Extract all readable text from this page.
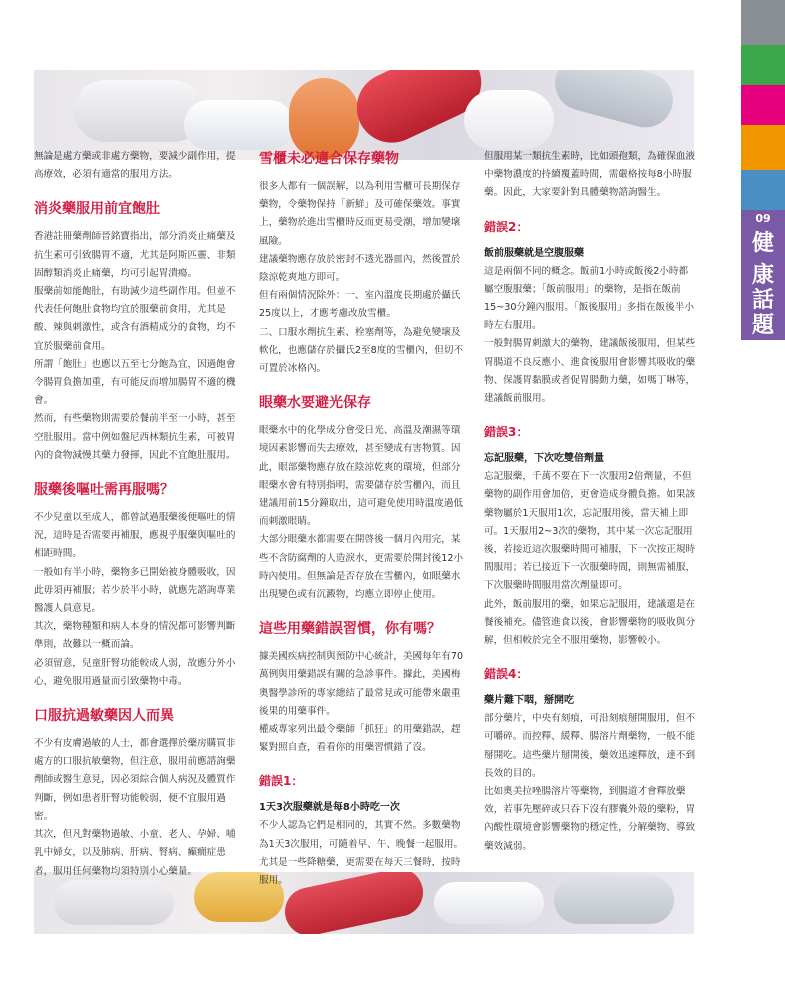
09
健
康
話
題

無論是處方藥或非處方藥物，要減少副作用，提高療效，必須有適當的服用方法。

消炎藥服用前宜飽肚

香港註冊藥劑師晉銘寶指出，部分消炎止痛藥及抗生素可引致腸胃不適，尤其是阿斯匹靈、非類固醇類消炎止痛藥，均可引起胃潰瘍。

服藥前如能飽肚，有助減少這些副作用。但並不代表任何飽肚食物均宜於服藥前食用，尤其是酸、辣與刺激性，或含有酒精成分的食物，均不宜於服藥前食用。

所謂「飽肚」也應以五至七分飽為宜，因過飽會令腸胃負擔加重，有可能反而增加腸胃不適的機會。

然而，有些藥物則需要於餐前半至一小時，甚至空肚服用。當中例如盤尼西林類抗生素，可被胃內的食物減慢其藥力發揮，因此不宜飽肚服用。

服藥後嘔吐需再服嗎？

不少兒童以至成人，都曾試過服藥後便嘔吐的情況，這時是否需要再補服，應視乎服藥與嘔吐的相距時間。

一般如有半小時，藥物多已開始被身體吸收，因此毋須再補服；若少於半小時，就應先諮詢專業醫護人員意見。

其次，藥物種類和病人本身的情況都可影響判斷準則，故難以一概而論。

必須留意，兒童肝腎功能較成人弱，故應分外小心，避免服用過量而引致藥物中毒。

口服抗過敏藥因人而異

不少有皮膚過敏的人士，都會選擇於藥房購買非處方的口服抗敏藥物，但注意，服用前應諮詢藥劑師或醫生意見，因必須綜合個人病況及體質作判斷，例如患者肝腎功能較弱，便不宜服用過密。

其次，但凡對藥物過敏、小童、老人、孕婦、哺乳中婦女，以及肺病、肝病、腎病、癲癇症患者，服用任何藥物均須特別小心藥量。

雪櫃未必適合保存藥物

很多人都有一個誤解，以為利用雪櫃可長期保存藥物，令藥物保持「新鮮」及可確保藥效。事實上，藥物於進出雪櫃時反而更易受潮，增加變壞風險。

建議藥物應存放於密封不透光器皿內，然後置於陰涼乾爽地方即可。

但有兩個情況除外：一、室內溫度長期處於攝氏25度以上，才應考慮改放雪櫃。

二、口服水劑抗生素、栓塞劑等，為避免變壞及軟化，也應儲存於攝氏2至8度的雪櫃內，但切不可置於冰格內。

眼藥水要避光保存

眼藥水中的化學成分會受日光、高溫及潮濕等環境因素影響而失去療效，甚至變成有害物質。因此，眼部藥物應存放在陰涼乾爽的環境，但部分眼藥水會有特別指明，需要儲存於雪櫃內，而且建議用前15分鐘取出，這可避免使用時溫度過低而刺激眼睛。

大部分眼藥水都需要在開啓後一個月內用完，某些不含防腐劑的人造淚水，更需要於開封後12小時內使用。但無論是否存放在雪櫃內，如眼藥水出現變色或有沉澱物，均應立即停止使用。

這些用藥錯誤習慣，你有嗎？

據美國疾病控制與預防中心統計，美國每年有70萬例與用藥錯誤有關的急診事件。據此，美國梅奧醫學診所的專家總結了最常見或可能帶來嚴重後果的用藥事件。

權威專家列出最令藥師「抓狂」的用藥錯誤，趕緊對照自查，看看你的用藥習慣錯了沒。

錯誤1：
1天3次服藥就是每8小時吃一次

不少人認為它們是相同的，其實不然。多數藥物為1天3次服用，可隨着早、午、晚餐一起服用。尤其是一些降糖藥，更需要在每天三餐時，按時服用。

但服用某一類抗生素時，比如頭孢類，為確保血液中藥物濃度的持續覆蓋時間，需嚴格按每8小時服藥。因此，大家要針對具體藥物諮詢醫生。

錯誤2：
飯前服藥就是空腹服藥

這是兩個不同的概念。飯前1小時或飯後2小時都屬空腹服藥；「飯前服用」的藥物，是指在飯前15~30分鐘內服用。「飯後服用」多指在飯後半小時左右服用。

一般對腸胃刺激大的藥物，建議飯後服用，但某些胃腸道不良反應小、進食後服用會影響其吸收的藥物、保護胃黏膜或者促胃腸動力藥，如嗎丁啉等，建議飯前服用。

錯誤3：
忘記服藥，下次吃雙倍劑量

忘記服藥，千萬不要在下一次服用2倍劑量，不但藥物的副作用會加倍，更會造成身體負擔。如果該藥物屬於1天服用1次，忘記服用後，當天補上即可。1天服用2~3次的藥物，其中某一次忘記服用後，若接近這次服藥時間可補服，下一次按正規時間服用；若已接近下一次服藥時間，則無需補服，下次服藥時間服用當次劑量即可。

此外，飯前服用的藥，如果忘記服用，建議還是在餐後補充。儘管進食以後，會影響藥物的吸收與分解，但相較於完全不服用藥物，影響較小。

錯誤4：
藥片難下咽，掰開吃

部分藥片，中央有刻痕，可沿刻痕掰開服用，但不可嚼碎。而控釋、緩釋、腸溶片劑藥物，一般不能掰開吃。這些藥片掰開後，藥效迅速釋放，達不到長效的目的。

比如奧美拉唑腸溶片等藥物，到腸道才會釋放藥效，若事先壓碎或只吞下沒有膠囊外殼的藥粉，胃內酸性環境會影響藥物的穩定性，分解藥物、導致藥效減弱。
